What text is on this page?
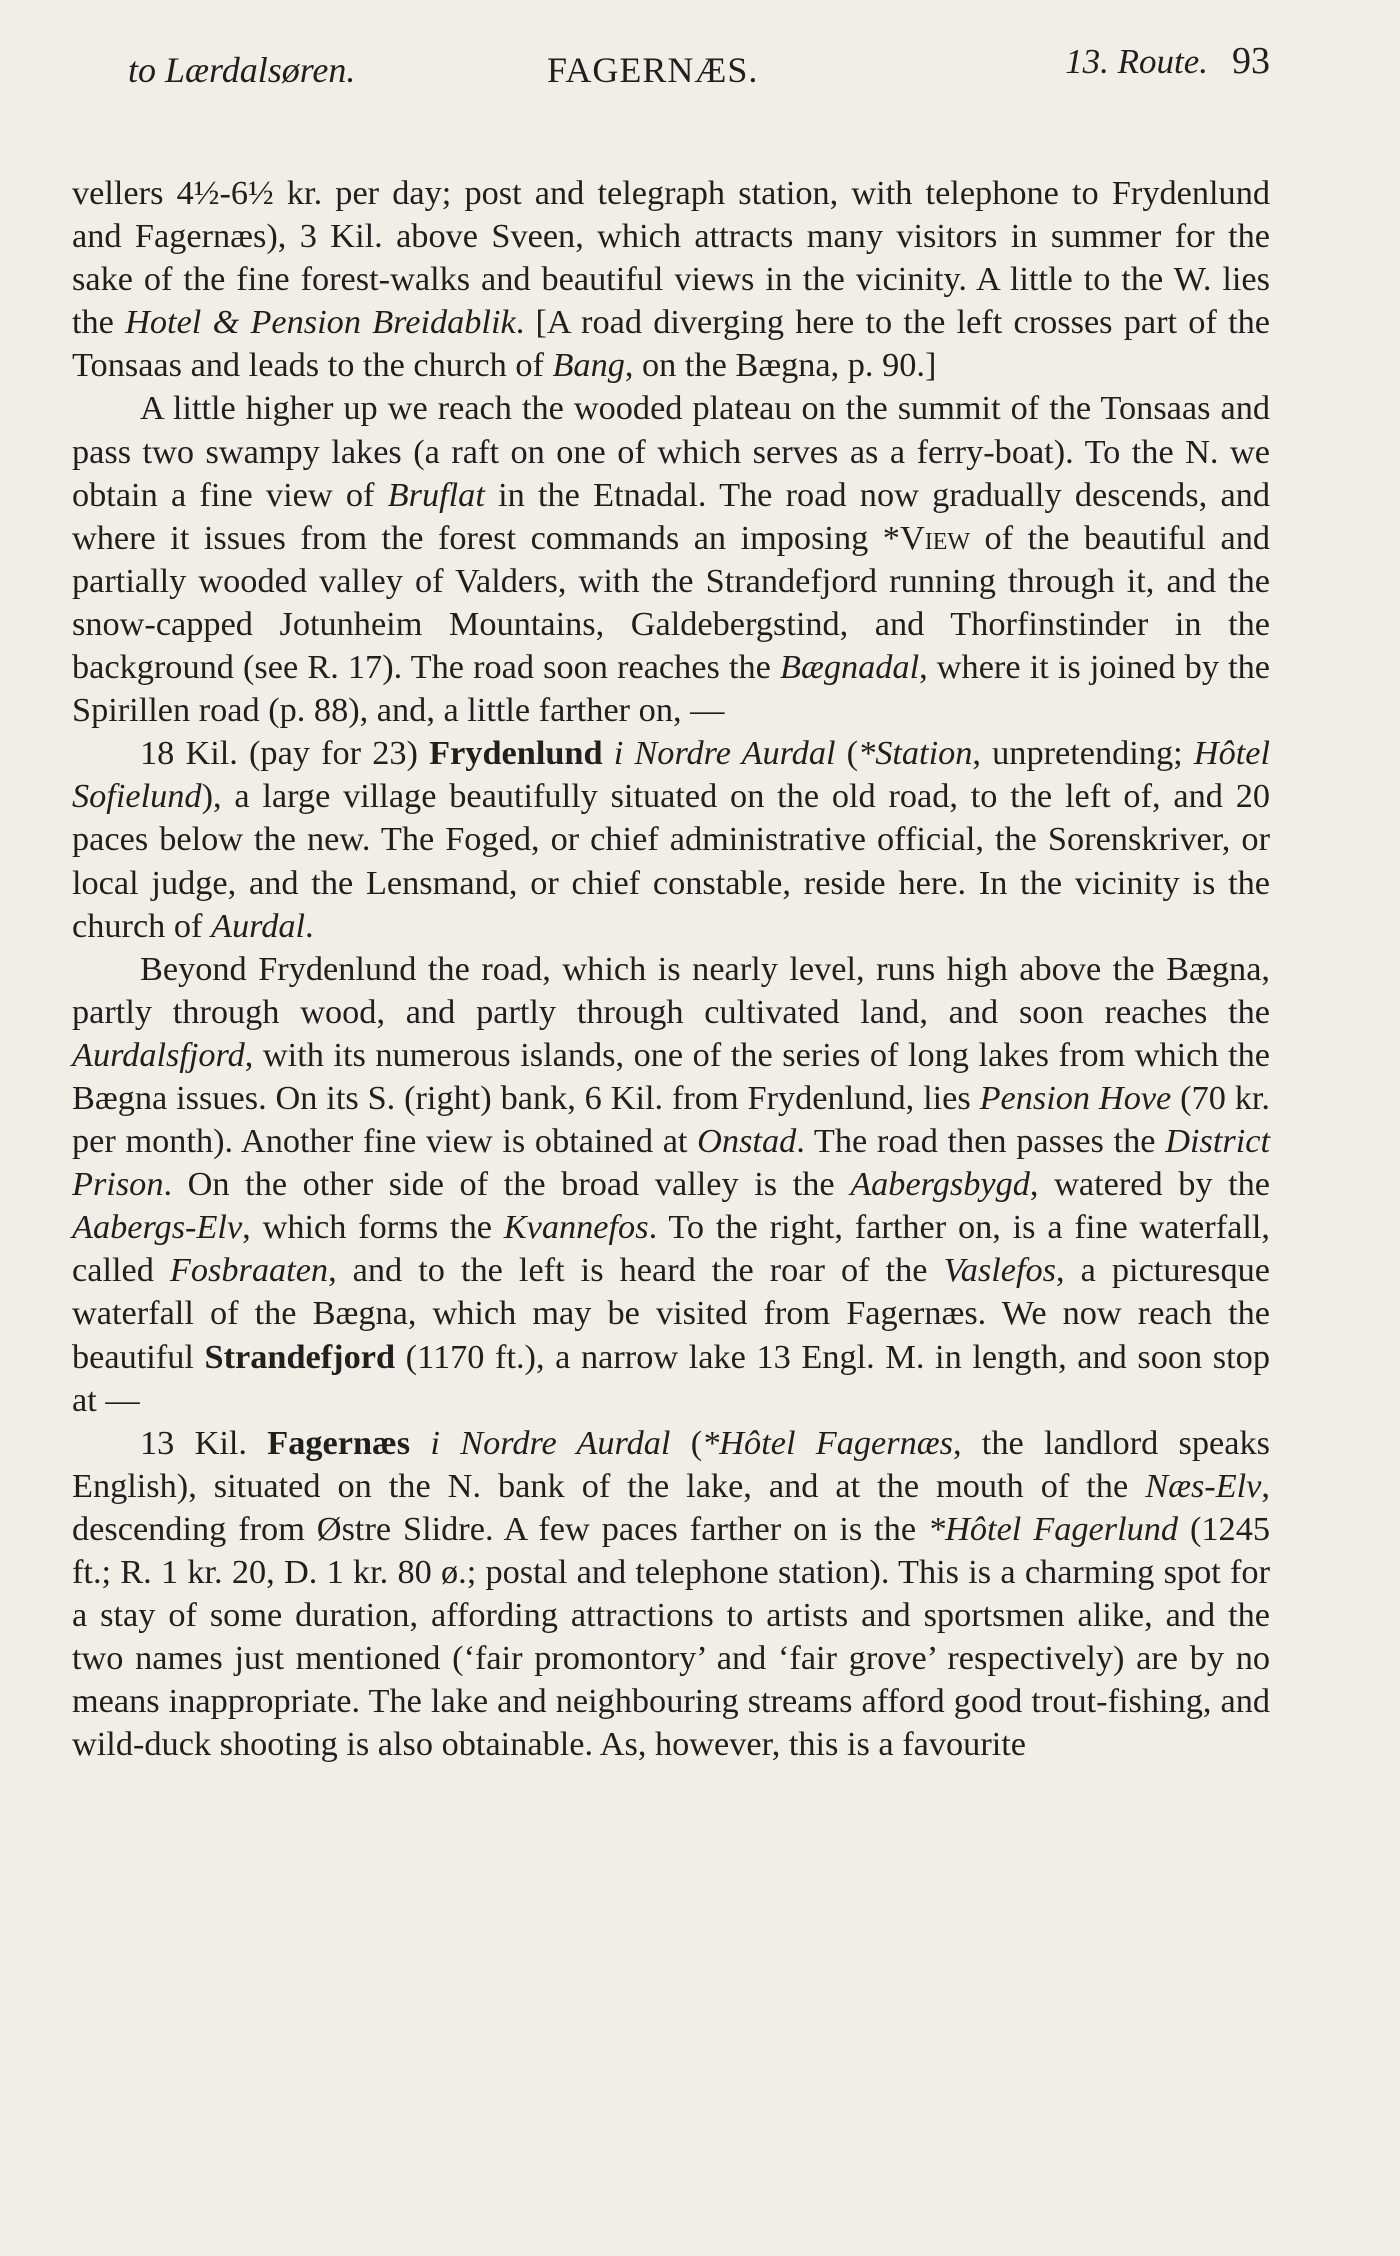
to Lærdalsøren.	FAGERNÆS.	13. Route. 93

vellers 4½-6½ kr. per day; post and telegraph station, with telephone to Frydenlund and Fagernæs), 3 Kil. above Sveen, which attracts many visitors in summer for the sake of the fine forest-walks and beautiful views in the vicinity. A little to the W. lies the Hotel & Pension Breidablik. [A road diverging here to the left crosses part of the Tonsaas and leads to the church of Bang, on the Bægna, p. 90.]

A little higher up we reach the wooded plateau on the summit of the Tonsaas and pass two swampy lakes (a raft on one of which serves as a ferry-boat). To the N. we obtain a fine view of Bruflat in the Etnadal. The road now gradually descends, and where it issues from the forest commands an imposing *View of the beautiful and partially wooded valley of Valders, with the Strandefjord running through it, and the snow-capped Jotunheim Mountains, Galdebergstind, and Thorfinstinder in the background (see R. 17). The road soon reaches the Bægnadal, where it is joined by the Spirillen road (p. 88), and, a little farther on, —

18 Kil. (pay for 23) Frydenlund i Nordre Aurdal (*Station, unpretending; Hôtel Sofielund), a large village beautifully situated on the old road, to the left of, and 20 paces below the new. The Foged, or chief administrative official, the Sorenskriver, or local judge, and the Lensmand, or chief constable, reside here. In the vicinity is the church of Aurdal.

Beyond Frydenlund the road, which is nearly level, runs high above the Bægna, partly through wood, and partly through cultivated land, and soon reaches the Aurdalsfjord, with its numerous islands, one of the series of long lakes from which the Bægna issues. On its S. (right) bank, 6 Kil. from Frydenlund, lies Pension Hove (70 kr. per month). Another fine view is obtained at Onstad. The road then passes the District Prison. On the other side of the broad valley is the Aabergsbygd, watered by the Aabergs-Elv, which forms the Kvannefos. To the right, farther on, is a fine waterfall, called Fosbraaten, and to the left is heard the roar of the Vaslefos, a picturesque waterfall of the Bægna, which may be visited from Fagernæs. We now reach the beautiful Strandefjord (1170 ft.), a narrow lake 13 Engl. M. in length, and soon stop at —

13 Kil. Fagernæs i Nordre Aurdal (*Hôtel Fagernæs, the landlord speaks English), situated on the N. bank of the lake, and at the mouth of the Næs-Elv, descending from Østre Slidre. A few paces farther on is the *Hôtel Fagerlund (1245 ft.; R. 1 kr. 20, D. 1 kr. 80 ø.; postal and telephone station). This is a charming spot for a stay of some duration, affording attractions to artists and sportsmen alike, and the two names just mentioned (‘fair promontory’ and ‘fair grove’ respectively) are by no means inappropriate. The lake and neighbouring streams afford good trout-fishing, and wild-duck shooting is also obtainable. As, however, this is a favourite
